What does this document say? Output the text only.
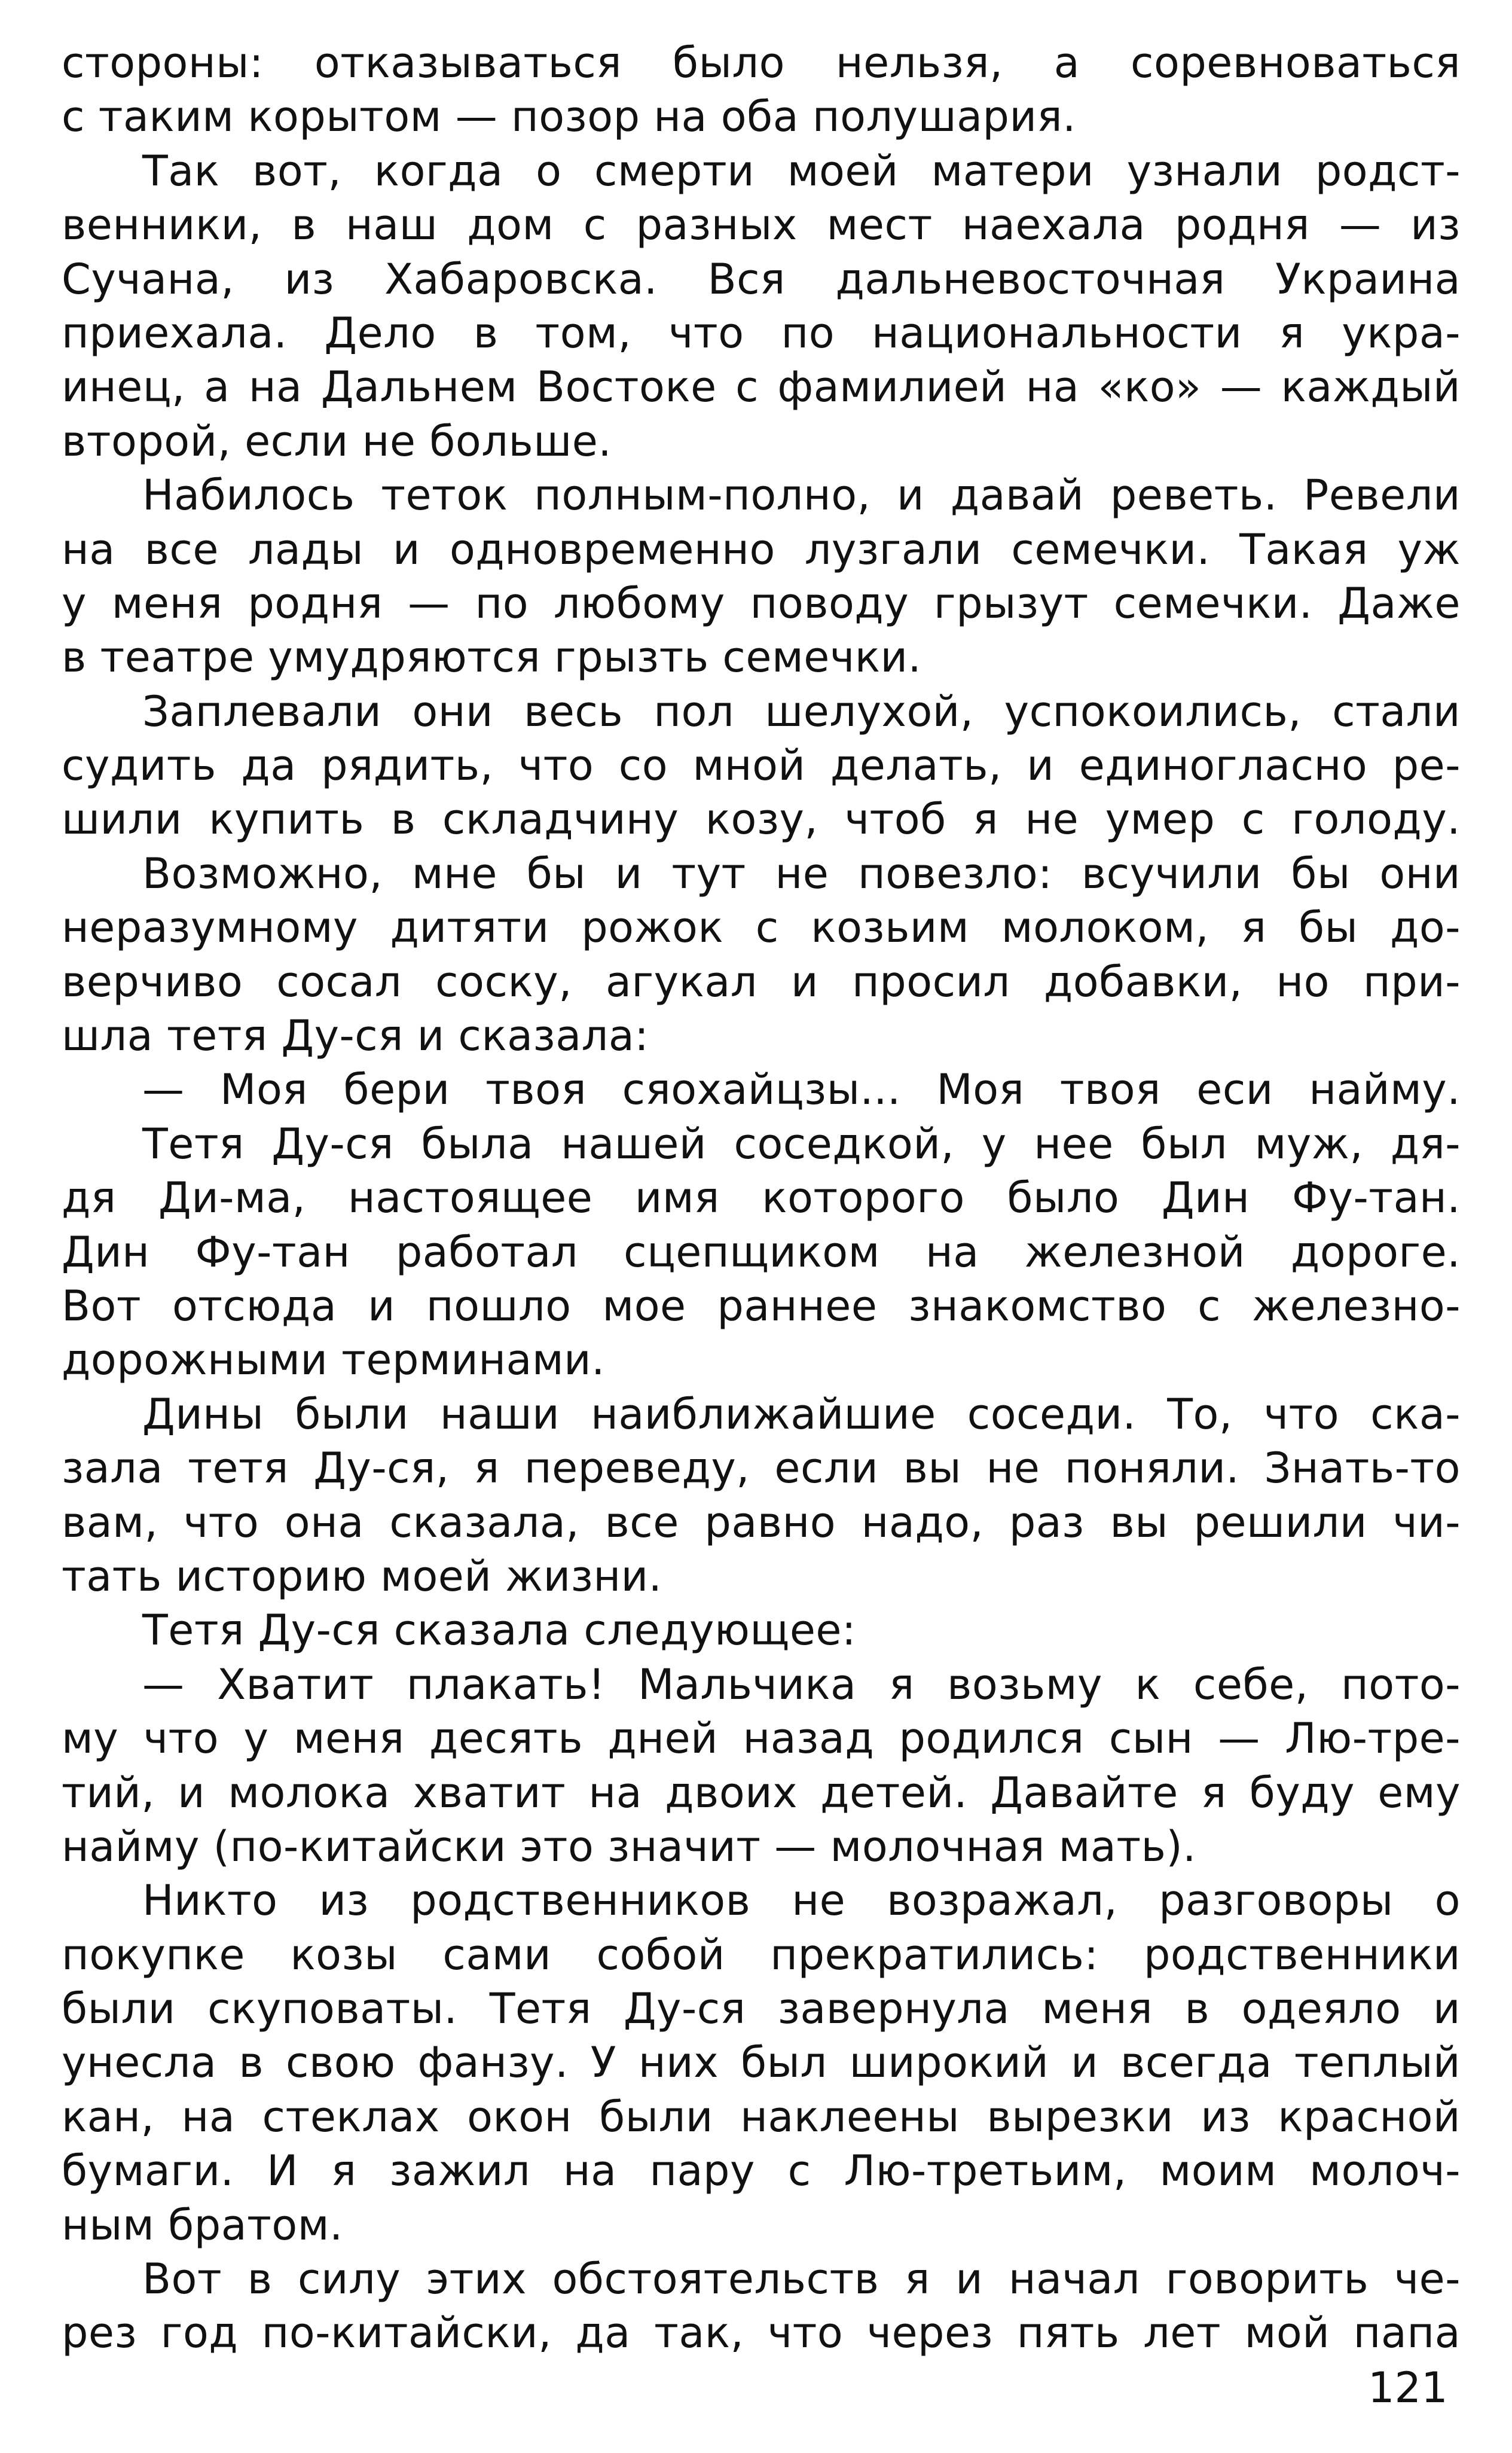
стороны: отказываться было нельзя, а соревноваться
с таким корытом — позор на оба полушария.
Так вот, когда о смерти моей матери узнали родст-
венники, в наш дом с разных мест наехала родня — из
Сучана, из Хабаровска. Вся дальневосточная Украина
приехала. Дело в том, что по национальности я укра-
инец, а на Дальнем Востоке с фамилией на «ко» — каждый
второй, если не больше.
Набилось теток полным-полно, и давай реветь. Ревели
на все лады и одновременно лузгали семечки. Такая уж
у меня родня — по любому поводу грызут семечки. Даже
в театре умудряются грызть семечки.
Заплевали они весь пол шелухой, успокоились, стали
судить да рядить, что со мной делать, и единогласно ре-
шили купить в складчину козу, чтоб я не умер с голоду.
Возможно, мне бы и тут не повезло: всучили бы они
неразумному дитяти рожок с козьим молоком, я бы до-
верчиво сосал соску, агукал и просил добавки, но при-
шла тетя Ду-ся и сказала:
— Моя бери твоя сяохайцзы... Моя твоя еси найму.
Тетя Ду-ся была нашей соседкой, у нее был муж, дя-
дя Ди-ма, настоящее имя которого было Дин Фу-тан.
Дин Фу-тан работал сцепщиком на железной дороге.
Вот отсюда и пошло мое раннее знакомство с железно-
дорожными терминами.
Дины были наши наиближайшие соседи. То, что ска-
зала тетя Ду-ся, я переведу, если вы не поняли. Знать-то
вам, что она сказала, все равно надо, раз вы решили чи-
тать историю моей жизни.
Тетя Ду-ся сказала следующее:
— Хватит плакать! Мальчика я возьму к себе, пото-
му что у меня десять дней назад родился сын — Лю-тре-
тий, и молока хватит на двоих детей. Давайте я буду ему
найму (по-китайски это значит — молочная мать).
Никто из родственников не возражал, разговоры о
покупке козы сами собой прекратились: родственники
были скуповаты. Тетя Ду-ся завернула меня в одеяло и
унесла в свою фанзу. У них был широкий и всегда теплый
кан, на стеклах окон были наклеены вырезки из красной
бумаги. И я зажил на пару с Лю-третьим, моим молоч-
ным братом.
Вот в силу этих обстоятельств я и начал говорить че-
рез год по-китайски, да так, что через пять лет мой папа
121
